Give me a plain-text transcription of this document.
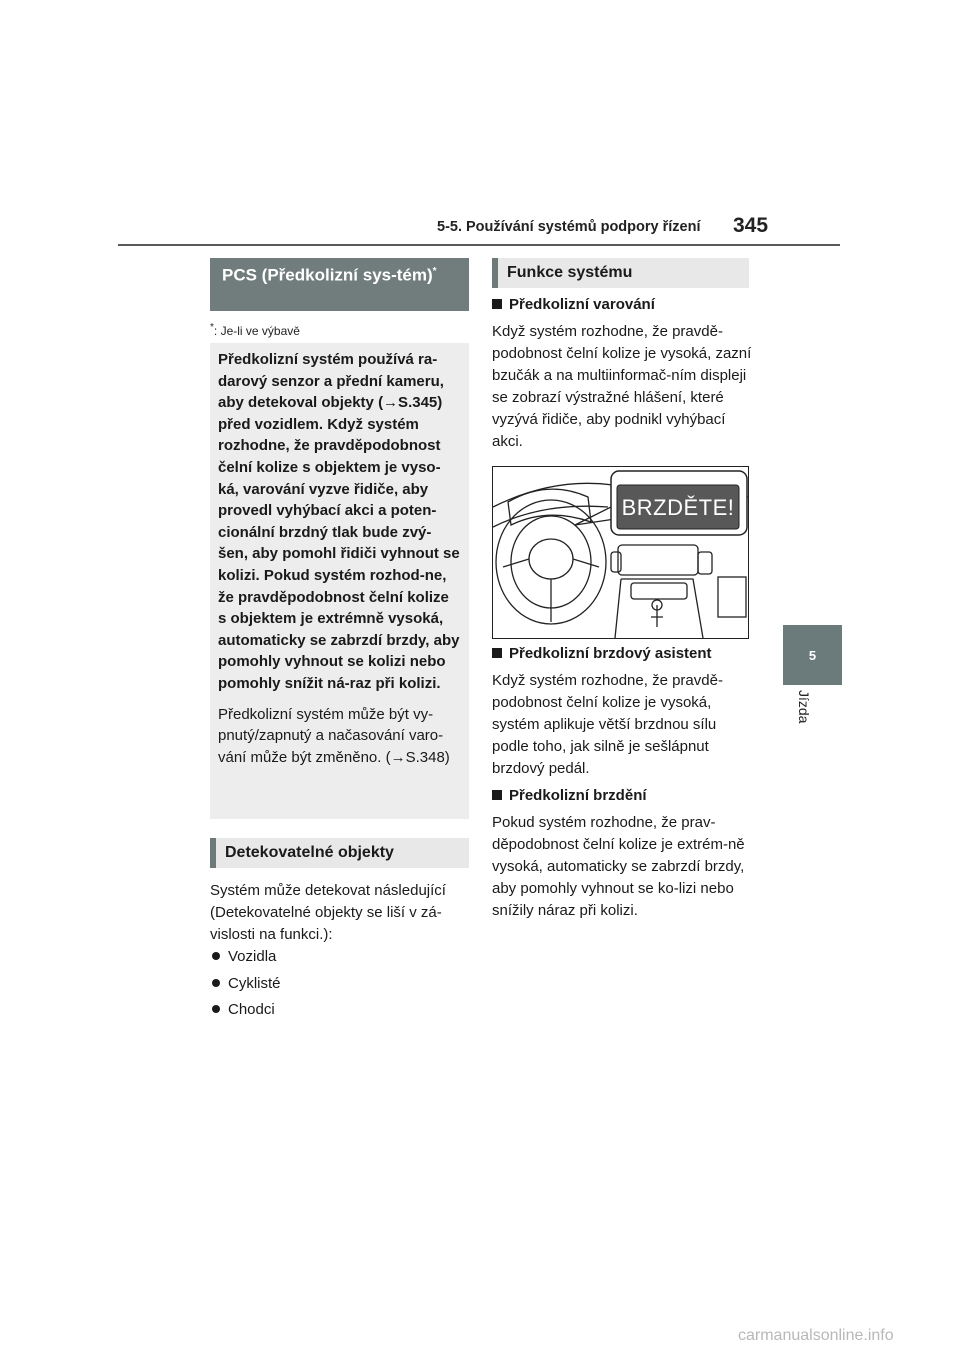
5-5. Používání systémů podpory řízení 345
5
Jízda
PCS (Předkolizní sys-tém)*
*: Je-li ve výbavě

Předkolizní systém používá ra-darový senzor a přední kameru, aby detekoval objekty (→S.345) před vozidlem. Když systém rozhodne, že pravděpodobnost čelní kolize s objektem je vyso-ká, varování vyzve řidiče, aby provedl vyhýbací akci a poten-cionální brzdný tlak bude zvý-šen, aby pomohl řidiči vyhnout se kolizi. Pokud systém rozhod-ne, že pravděpodobnost čelní kolize s objektem je extrémně vysoká, automaticky se zabrzdí brzdy, aby pomohly vyhnout se kolizi nebo pomohly snížit ná-raz při kolizi.

Předkolizní systém může být vy-pnutý/zapnutý a načasování varo-vání může být změněno. (→S.348)

Detekovatelné objekty

Systém může detekovat následující (Detekovatelné objekty se liší v zá-vislosti na funkci.):

Vozidla
Cyklisté
Chodci
Funkce systému
Předkolizní varování

Když systém rozhodne, že pravdě-podobnost čelní kolize je vysoká, zazní bzučák a na multiinformač-ním displeji se zobrazí výstražné hlášení, které vyzývá řidiče, aby podnikl vyhýbací akci.

BRZDĚTE!
Předkolizní brzdový asistent

Když systém rozhodne, že pravdě-podobnost čelní kolize je vysoká, systém aplikuje větší brzdnou sílu podle toho, jak silně je sešlápnut brzdový pedál.

Předkolizní brzdění

Pokud systém rozhodne, že prav-děpodobnost čelní kolize je extrém-ně vysoká, automaticky se zabrzdí brzdy, aby pomohly vyhnout se ko-lizi nebo snížily náraz při kolizi.

carmanualsonline.info
